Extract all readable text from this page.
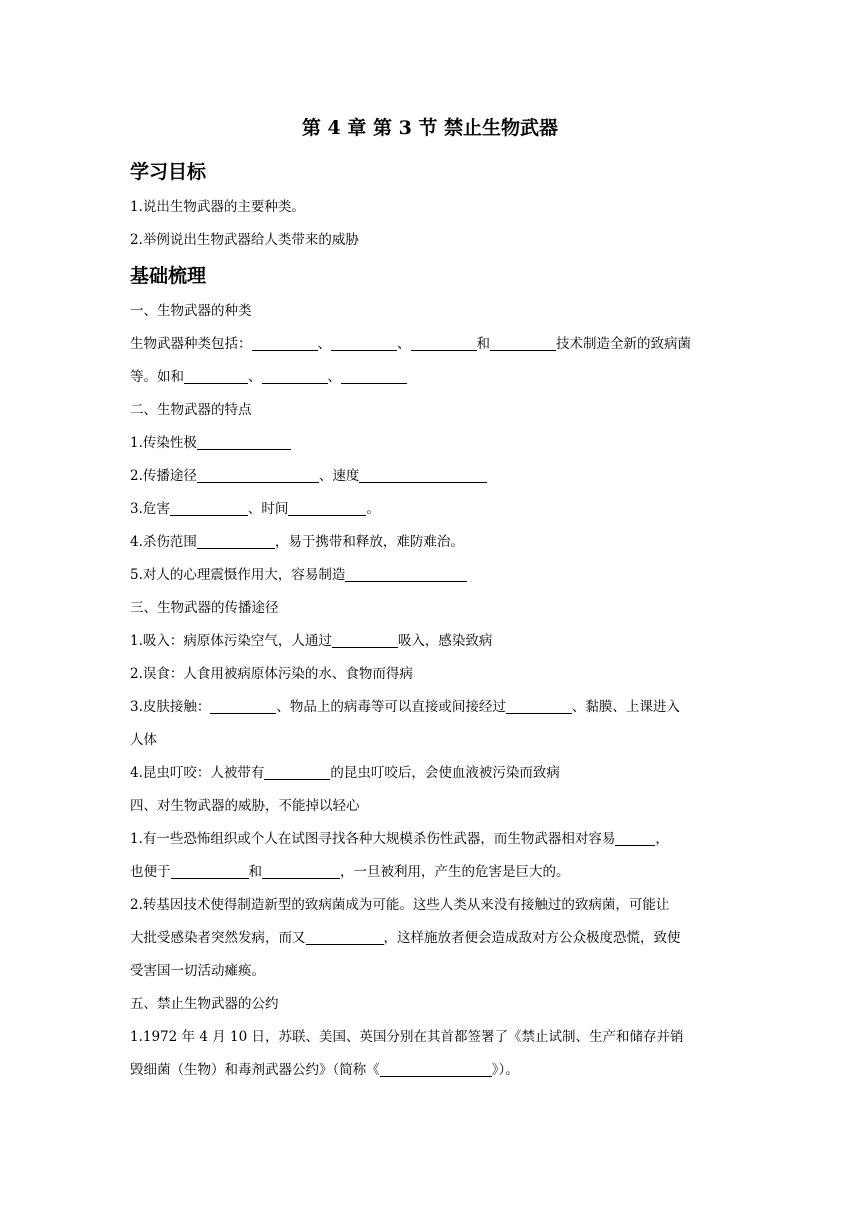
第 4 章 第 3 节 禁止生物武器
学习目标

1.说出生物武器的主要种类。

2.举例说出生物武器给人类带来的威胁

基础梳理

一、生物武器的种类

生物武器种类包括：	、	、	和	技术制造全新的致病菌

等。如和	、	、

二、生物武器的特点

1.传染性极

2.传播途径	、速度

3.危害	、时间	。

4.杀伤范围	，易于携带和释放，难防难治。

5.对人的心理震慑作用大，容易制造

三、生物武器的传播途径

1.吸入：病原体污染空气，人通过	吸入，感染致病

2.误食：人食用被病原体污染的水、食物而得病

3.皮肤接触：	、物品上的病毒等可以直接或间接经过	、黏膜、上课进入

人体

4.昆虫叮咬：人被带有	的昆虫叮咬后，会使血液被污染而致病

四、对生物武器的威胁，不能掉以轻心

1.有一些恐怖组织或个人在试图寻找各种大规模杀伤性武器，而生物武器相对容易	，

也便于	和	，一旦被利用，产生的危害是巨大的。

2.转基因技术使得制造新型的致病菌成为可能。这些人类从来没有接触过的致病菌，可能让

大批受感染者突然发病，而又	，这样施放者便会造成敌对方公众极度恐慌，致使

受害国一切活动瘫痪。

五、禁止生物武器的公约

1.1972 年 4 月 10 日，苏联、美国、英国分别在其首都签署了《禁止试制、生产和储存并销

毁细菌（生物）和毒剂武器公约》（简称《	》）。
